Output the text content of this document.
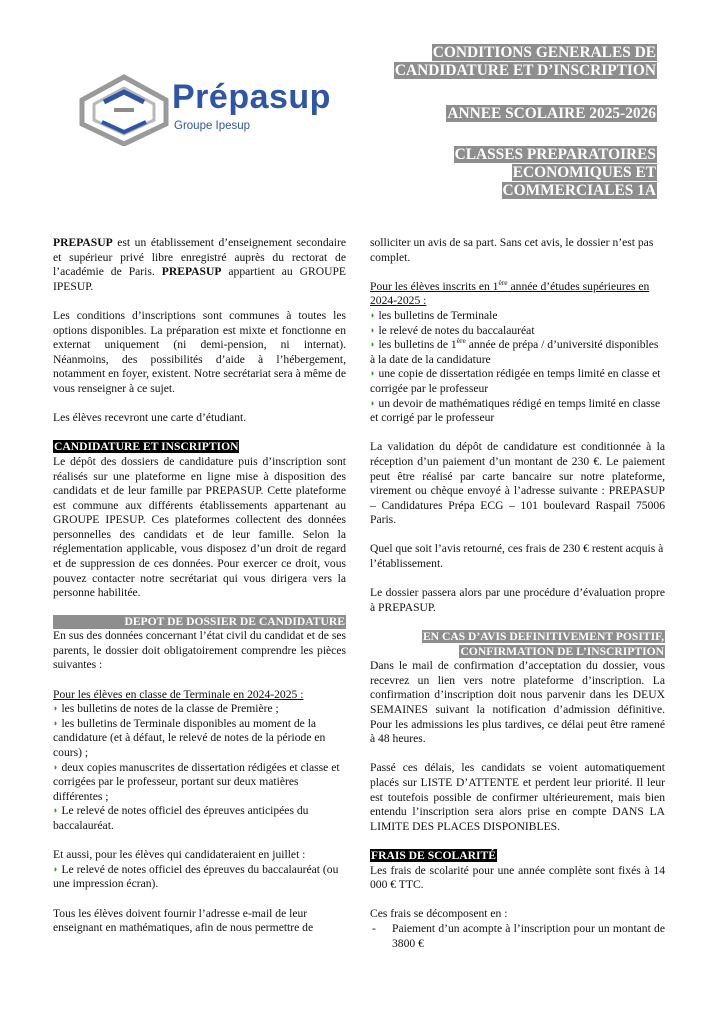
Prépasup
Groupe Ipesup
CONDITIONS GENERALES DE
CANDIDATURE ET D’INSCRIPTION
ANNEE SCOLAIRE 2025-2026
CLASSES PREPARATOIRES
ECONOMIQUES ET
COMMERCIALES 1A

PREPASUP est un établissement d’enseignement secondaire et supérieur privé libre enregistré auprès du rectorat de l’académie de Paris. PREPASUP appartient au GROUPE IPESUP.

Les conditions d’inscriptions sont communes à toutes les options disponibles. La préparation est mixte et fonctionne en externat uniquement (ni demi-pension, ni internat). Néanmoins, des possibilités d’aide à l’hébergement, notamment en foyer, existent. Notre secrétariat sera à même de vous renseigner à ce sujet.

Les élèves recevront une carte d’étudiant.

CANDIDATURE ET INSCRIPTION

Le dépôt des dossiers de candidature puis d’inscription sont réalisés sur une plateforme en ligne mise à disposition des candidats et de leur famille par PREPASUP. Cette plateforme est commune aux différents établissements appartenant au GROUPE IPESUP. Ces plateformes collectent des données personnelles des candidats et de leur famille. Selon la réglementation applicable, vous disposez d’un droit de regard et de suppression de ces données. Pour exercer ce droit, vous pouvez contacter notre secrétariat qui vous dirigera vers la personne habilitée.

DEPOT DE DOSSIER DE CANDIDATURE

En sus des données concernant l’état civil du candidat et de ses parents, le dossier doit obligatoirement comprendre les pièces suivantes :

Pour les élèves en classe de Terminale en 2024-2025 :

◗ les bulletins de notes de la classe de Première ;

◗ les bulletins de Terminale disponibles au moment de la candidature (et à défaut, le relevé de notes de la période en cours) ;

◗ deux copies manuscrites de dissertation rédigées et classe et corrigées par le professeur, portant sur deux matières différentes ;

◗ Le relevé de notes officiel des épreuves anticipées du baccalauréat.

Et aussi, pour les élèves qui candidateraient en juillet :

◗ Le relevé de notes officiel des épreuves du baccalauréat (ou une impression écran).

Tous les élèves doivent fournir l’adresse e-mail de leur enseignant en mathématiques, afin de nous permettre de

solliciter un avis de sa part. Sans cet avis, le dossier n’est pas complet.

Pour les élèves inscrits en 1ère année d’études supérieures en 2024-2025 :

◗ les bulletins de Terminale

◗ le relevé de notes du baccalauréat

◗ les bulletins de 1ère année de prépa / d’université disponibles à la date de la candidature

◗ une copie de dissertation rédigée en temps limité en classe et corrigée par le professeur

◗ un devoir de mathématiques rédigé en temps limité en classe et corrigé par le professeur

La validation du dépôt de candidature est conditionnée à la réception d’un paiement d’un montant de 230 €. Le paiement peut être réalisé par carte bancaire sur notre plateforme, virement ou chèque envoyé à l’adresse suivante : PREPASUP – Candidatures Prépa ECG – 101 boulevard Raspail 75006 Paris.

Quel que soit l’avis retourné, ces frais de 230 € restent acquis à l’établissement.

Le dossier passera alors par une procédure d’évaluation propre à PREPASUP.

EN CAS D’AVIS DEFINITIVEMENT POSITIF,
CONFIRMATION DE L’INSCRIPTION

Dans le mail de confirmation d’acceptation du dossier, vous recevrez un lien vers notre plateforme d’inscription. La confirmation d’inscription doit nous parvenir dans les DEUX SEMAINES suivant la notification d’admission définitive. Pour les admissions les plus tardives, ce délai peut être ramené à 48 heures.

Passé ces délais, les candidats se voient automatiquement placés sur LISTE D’ATTENTE et perdent leur priorité. Il leur est toutefois possible de confirmer ultérieurement, mais bien entendu l’inscription sera alors prise en compte DANS LA LIMITE DES PLACES DISPONIBLES.

FRAIS DE SCOLARITÉ

Les frais de scolarité pour une année complète sont fixés à 14 000 € TTC.

Ces frais se décomposent en :

- Paiement d’un acompte à l’inscription pour un montant de 3800 €
